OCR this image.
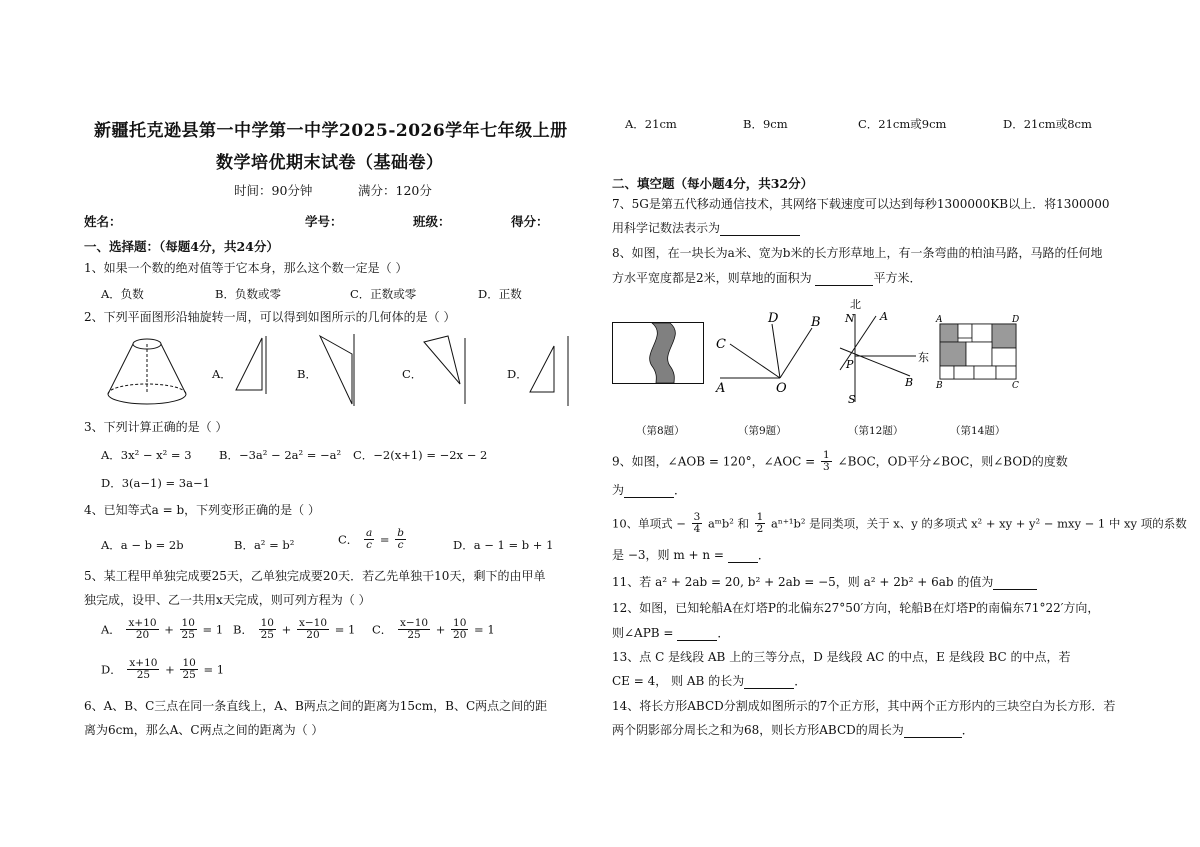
新疆托克逊县第一中学第一中学2025-2026学年七年级上册
数学培优期末试卷（基础卷）
时间：90分钟	满分：120分
姓名：	学号：	班级：	得分：
一、选择题：（每题4分，共24分）
1、如果一个数的绝对值等于它本身，那么这个数一定是（ ）
A．负数	B．负数或零	C．正数或零	D．正数
2、下列平面图形沿轴旋转一周，可以得到如图所示的几何体的是（ ）
A．	B．	C．	D．
3、下列计算正确的是（ ）
A．3x² − x² = 3 B．−3a² − 2a² = −a² C．−2(x+1) = −2x − 2
D．3(a−1) = 3a−1
4、已知等式a = b，下列变形正确的是（ ）
A．a − b = 2b	B．a² = b²	C． $\frac{a}{c} = \frac{b}{c}$	D．a − 1 = b + 1
5、某工程甲单独完成要25天，乙单独完成要20天．若乙先单独干10天，剩下的由甲单
独完成，设甲、乙一共用x天完成，则可列方程为（ ）
A． $\frac{x+10}{20} + \frac{10}{25} = 1$ B． $\frac{10}{25} + \frac{x-10}{20} = 1$ C． $\frac{x-10}{25} + \frac{10}{20} = 1$
D． $\frac{x+10}{25} + \frac{10}{25} = 1$
6、A、B、C三点在同一条直线上，A、B两点之间的距离为15cm，B、C两点之间的距
离为6cm，那么A、C两点之间的距离为（ ）
A．21cm	B．9cm	C．21cm或9cm	D．21cm或8cm
二、填空题（每小题4分，共32分）
7、5G是第五代移动通信技术，其网络下载速度可以达到每秒1300000KB以上．将1300000
用科学记数法表示为
8、如图，在一块长为a米、宽为b米的长方形草地上，有一条弯曲的柏油马路，马路的任何地
方水平宽度都是2米，则草地的面积为	平方米．
D	B
C
A	O
北
N A
东
P
B
S
A	D
B	C
（第8题）	（第9题）	（第12题）	（第14题）
9、如图，∠AOB = 120°，∠AOC = $\frac{1}{3}$ ∠BOC，OD平分∠BOC，则∠BOD的度数
为	．
10、单项式 − $\frac{3}{4}$ aᵐb² 和 $\frac{1}{2} a^{n+1}b^2$ 是同类项，关于 x、y 的多项式 x² + xy + y² − mxy − 1 中 xy 项的系数
是 −3，则 m + n =	．
11、若 a² + 2ab = 20, b² + 2ab = −5，则 a² + 2b² + 6ab 的值为
12、如图，已知轮船A在灯塔P的北偏东27°50′方向，轮船B在灯塔P的南偏东71°22′方向，
则∠APB =	．
13、点 C 是线段 AB 上的三等分点，D 是线段 AC 的中点，E 是线段 BC 的中点，若
CE = 4， 则 AB 的长为	．
14、将长方形ABCD分割成如图所示的7个正方形，其中两个正方形内的三块空白为长方形．若
两个阴影部分周长之和为68，则长方形ABCD的周长为	．
